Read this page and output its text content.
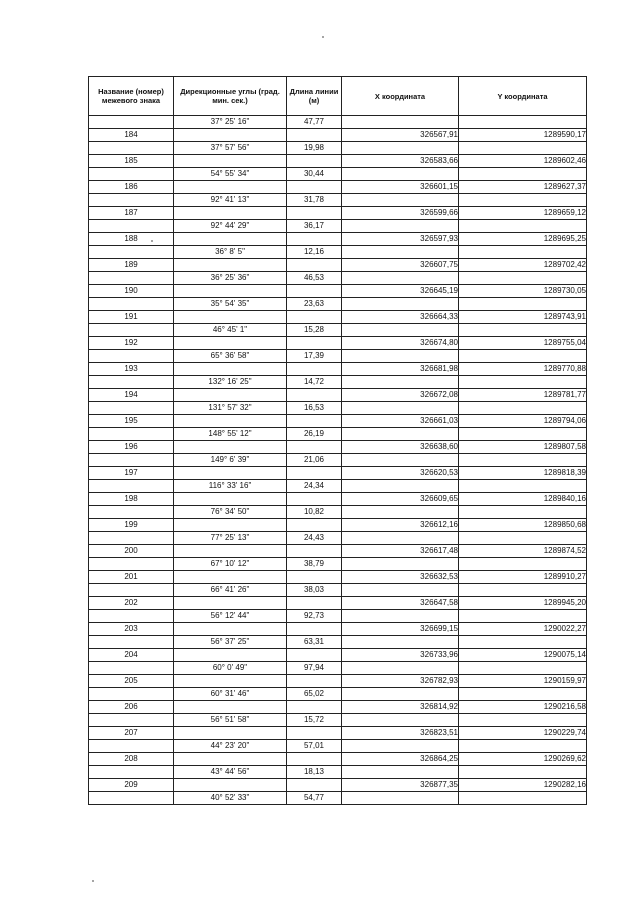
Название (номер) межевого знака	Дирекционные углы (град. мин. сек.)	Длина линии (м)	X координата	Y координата
	37° 25' 16"	47,77		
184			326567,91	1289590,17
	37° 57' 56"	19,98		
185			326583,66	1289602,46
	54° 55' 34"	30,44		
186			326601,15	1289627,37
	92° 41' 13"	31,78		
187			326599,66	1289659,12
	92° 44' 29"	36,17		
188			326597,93	1289695,25
	36° 8' 5"	12,16		
189			326607,75	1289702,42
	36° 25' 36"	46,53		
190			326645,19	1289730,05
	35° 54' 35"	23,63		
191			326664,33	1289743,91
	46° 45' 1"	15,28		
192			326674,80	1289755,04
	65° 36' 58"	17,39		
193			326681,98	1289770,88
	132° 16' 25"	14,72		
194			326672,08	1289781,77
	131° 57' 32"	16,53		
195			326661,03	1289794,06
	148° 55' 12"	26,19		
196			326638,60	1289807,58
	149° 6' 39"	21,06		
197			326620,53	1289818,39
	116° 33' 16"	24,34		
198			326609,65	1289840,16
	76° 34' 50"	10,82		
199			326612,16	1289850,68
	77° 25' 13"	24,43		
200			326617,48	1289874,52
	67° 10' 12"	38,79		
201			326632,53	1289910,27
	66° 41' 26"	38,03		
202			326647,58	1289945,20
	56° 12' 44"	92,73		
203			326699,15	1290022,27
	56° 37' 25"	63,31		
204			326733,96	1290075,14
	60° 0' 49"	97,94		
205			326782,93	1290159,97
	60° 31' 46"	65,02		
206			326814,92	1290216,58
	56° 51' 58"	15,72		
207			326823,51	1290229,74
	44° 23' 20"	57,01		
208			326864,25	1290269,62
	43° 44' 56"	18,13		
209			326877,35	1290282,16
	40° 52' 33"	54,77		
